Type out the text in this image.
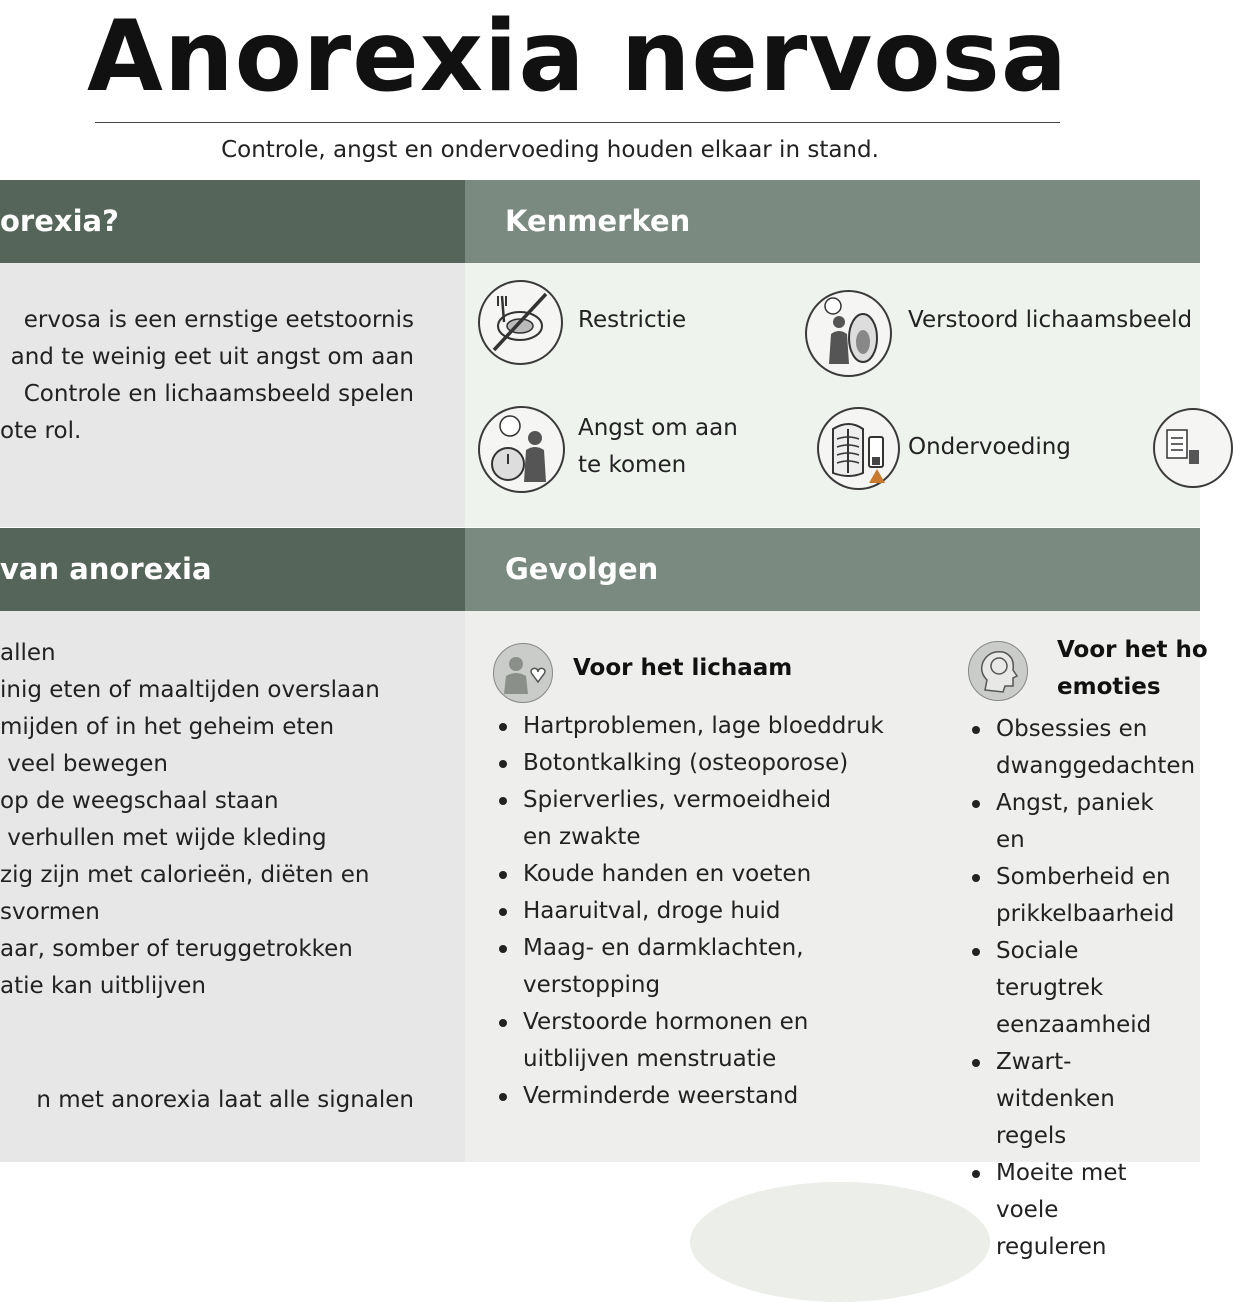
Anorexia nervosa
Controle, angst en ondervoeding houden elkaar in stand.
orexia?	Kenmerken
ervosa is een ernstige eetstoornis
and te weinig eet uit angst om aan
Controle en lichaamsbeeld spelen
ote rol.
Restrictie	Verstoord lichaamsbeeld
Angst om aan
te komen
Ondervoeding
van anorexia	Gevolgen
allen
inig eten of maaltijden overslaan
mijden of in het geheim eten
veel bewegen
op de weegschaal staan
verhullen met wijde kleding
zig zijn met calorieën, diëten en
svormen
aar, somber of teruggetrokken
atie kan uitblijven
n met anorexia laat alle signalen
Voor het lichaam
Hartproblemen, lage bloeddruk
Botontkalking (osteoporose)
Spierverlies, vermoeidheid en zwakte
Koude handen en voeten
Haaruitval, droge huid
Maag- en darmklachten, verstopping
Verstoorde hormonen en uitblijven menstruatie
Verminderde weerstand
Voor het ho
emoties
Obsessies en dwanggedachten
Angst, paniek en
Somberheid en prikkelbaarheid
Sociale terugtrek eenzaamheid
Zwart-witdenken regels
Moeite met voele reguleren
